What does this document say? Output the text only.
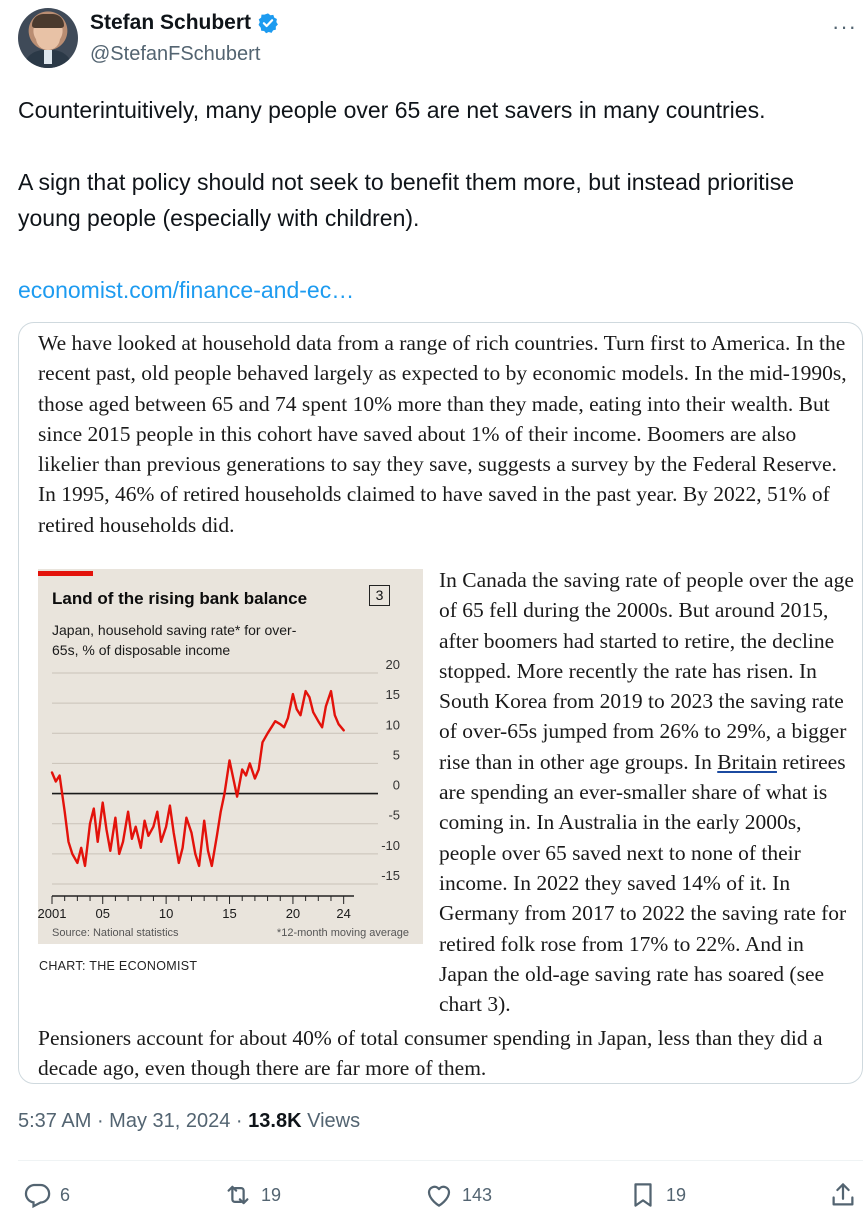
Stefan Schubert
@StefanFSchubert
···

Counterintuitively, many people over 65 are net savers in many countries.

A sign that policy should not seek to benefit them more, but instead prioritise young people (especially with children).

economist.com/finance-and-ec…

We have looked at household data from a range of rich countries. Turn first to America. In the recent past, old people behaved largely as expected to by economic models. In the mid-1990s, those aged between 65 and 74 spent 10% more than they made, eating into their wealth. But since 2015 people in this cohort have saved about 1% of their income. Boomers are also likelier than previous generations to say they save, suggests a survey by the Federal Reserve. In 1995, 46% of retired households claimed to have saved in the past year. By 2022, 51% of retired households did.
Land of the rising bank balance	3
Japan, household saving rate* for over-65s, % of disposable income
20
15
10
5
0
-5
-10
-15
2001 05	10	15	20	24
Source: National statistics	*12-month moving average
CHART: THE ECONOMIST
In Canada the saving rate of people over the age of 65 fell during the 2000s. But around 2015, after boomers had started to retire, the decline stopped. More recently the rate has risen. In South Korea from 2019 to 2023 the saving rate of over-65s jumped from 26% to 29%, a bigger rise than in other age groups. In Britain retirees are spending an ever-smaller share of what is coming in. In Australia in the early 2000s, people over 65 saved next to none of their income. In 2022 they saved 14% of it. In Germany from 2017 to 2022 the saving rate for retired folk rose from 17% to 22%. And in Japan the old-age saving rate has soared (see chart 3).
Pensioners account for about 40% of total consumer spending in Japan, less than they did a decade ago, even though there are far more of them.
5:37 AM · May 31, 2024 · 13.8K Views
6	19	143	19
